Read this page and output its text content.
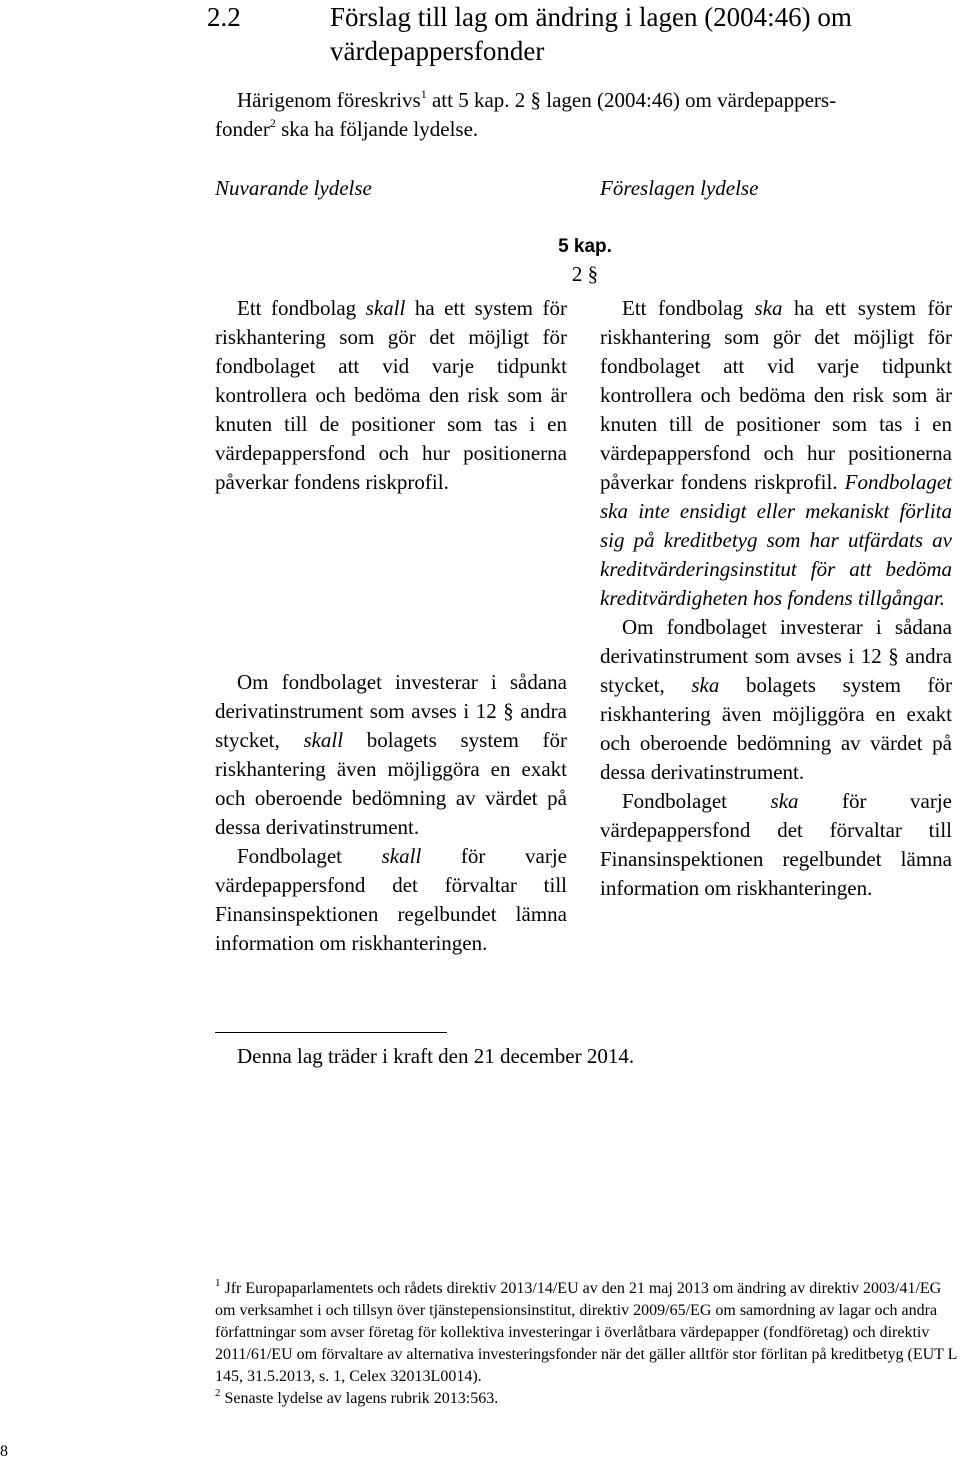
2.2	Förslag till lag om ändring i lagen (2004:46) om värdepappersfonder
Härigenom föreskrivs$^1$ att 5 kap. 2 § lagen (2004:46) om värdepappers-
fonder$^2$ ska ha följande lydelse.
Nuvarande lydelse	Föreslagen lydelse
5 kap.
2 §

Ett fondbolag skall ha ett system för riskhantering som gör det möjligt för fondbolaget att vid varje tidpunkt kontrollera och bedöma den risk som är knuten till de positioner som tas i en värdepappersfond och hur positionerna påverkar fondens riskprofil.

Om fondbolaget investerar i sådana derivatinstrument som avses i 12 § andra stycket, skall bolagets system för riskhantering även möjliggöra en exakt och oberoende bedömning av värdet på dessa derivatinstrument.

Fondbolaget skall för varje värdepappersfond det förvaltar till Finansinspektionen regelbundet lämna information om riskhanteringen.

Ett fondbolag ska ha ett system för riskhantering som gör det möjligt för fondbolaget att vid varje tidpunkt kontrollera och bedöma den risk som är knuten till de positioner som tas i en värdepappersfond och hur positionerna påverkar fondens riskprofil. Fondbolaget ska inte ensidigt eller mekaniskt förlita sig på kreditbetyg som har utfärdats av kreditvärderingsinstitut för att bedöma kreditvärdigheten hos fondens tillgångar.

Om fondbolaget investerar i sådana derivatinstrument som avses i 12 § andra stycket, ska bolagets system för riskhantering även möjliggöra en exakt och oberoende bedömning av värdet på dessa derivatinstrument.

Fondbolaget ska för varje värdepappersfond det förvaltar till Finansinspektionen regelbundet lämna information om riskhanteringen.

Denna lag träder i kraft den 21 december 2014.

$^1$ Jfr Europaparlamentets och rådets direktiv 2013/14/EU av den 21 maj 2013 om ändring av direktiv 2003/41/EG om verksamhet i och tillsyn över tjänstepensionsinstitut, direktiv 2009/65/EG om samordning av lagar och andra författningar som avser företag för kollektiva investeringar i överlåtbara värdepapper (fondföretag) och direktiv 2011/61/EU om förvaltare av alternativa investeringsfonder när det gäller alltför stor förlitan på kreditbetyg (EUT L 145, 31.5.2013, s. 1, Celex 32013L0014).

$^2$ Senaste lydelse av lagens rubrik 2013:563.

8
